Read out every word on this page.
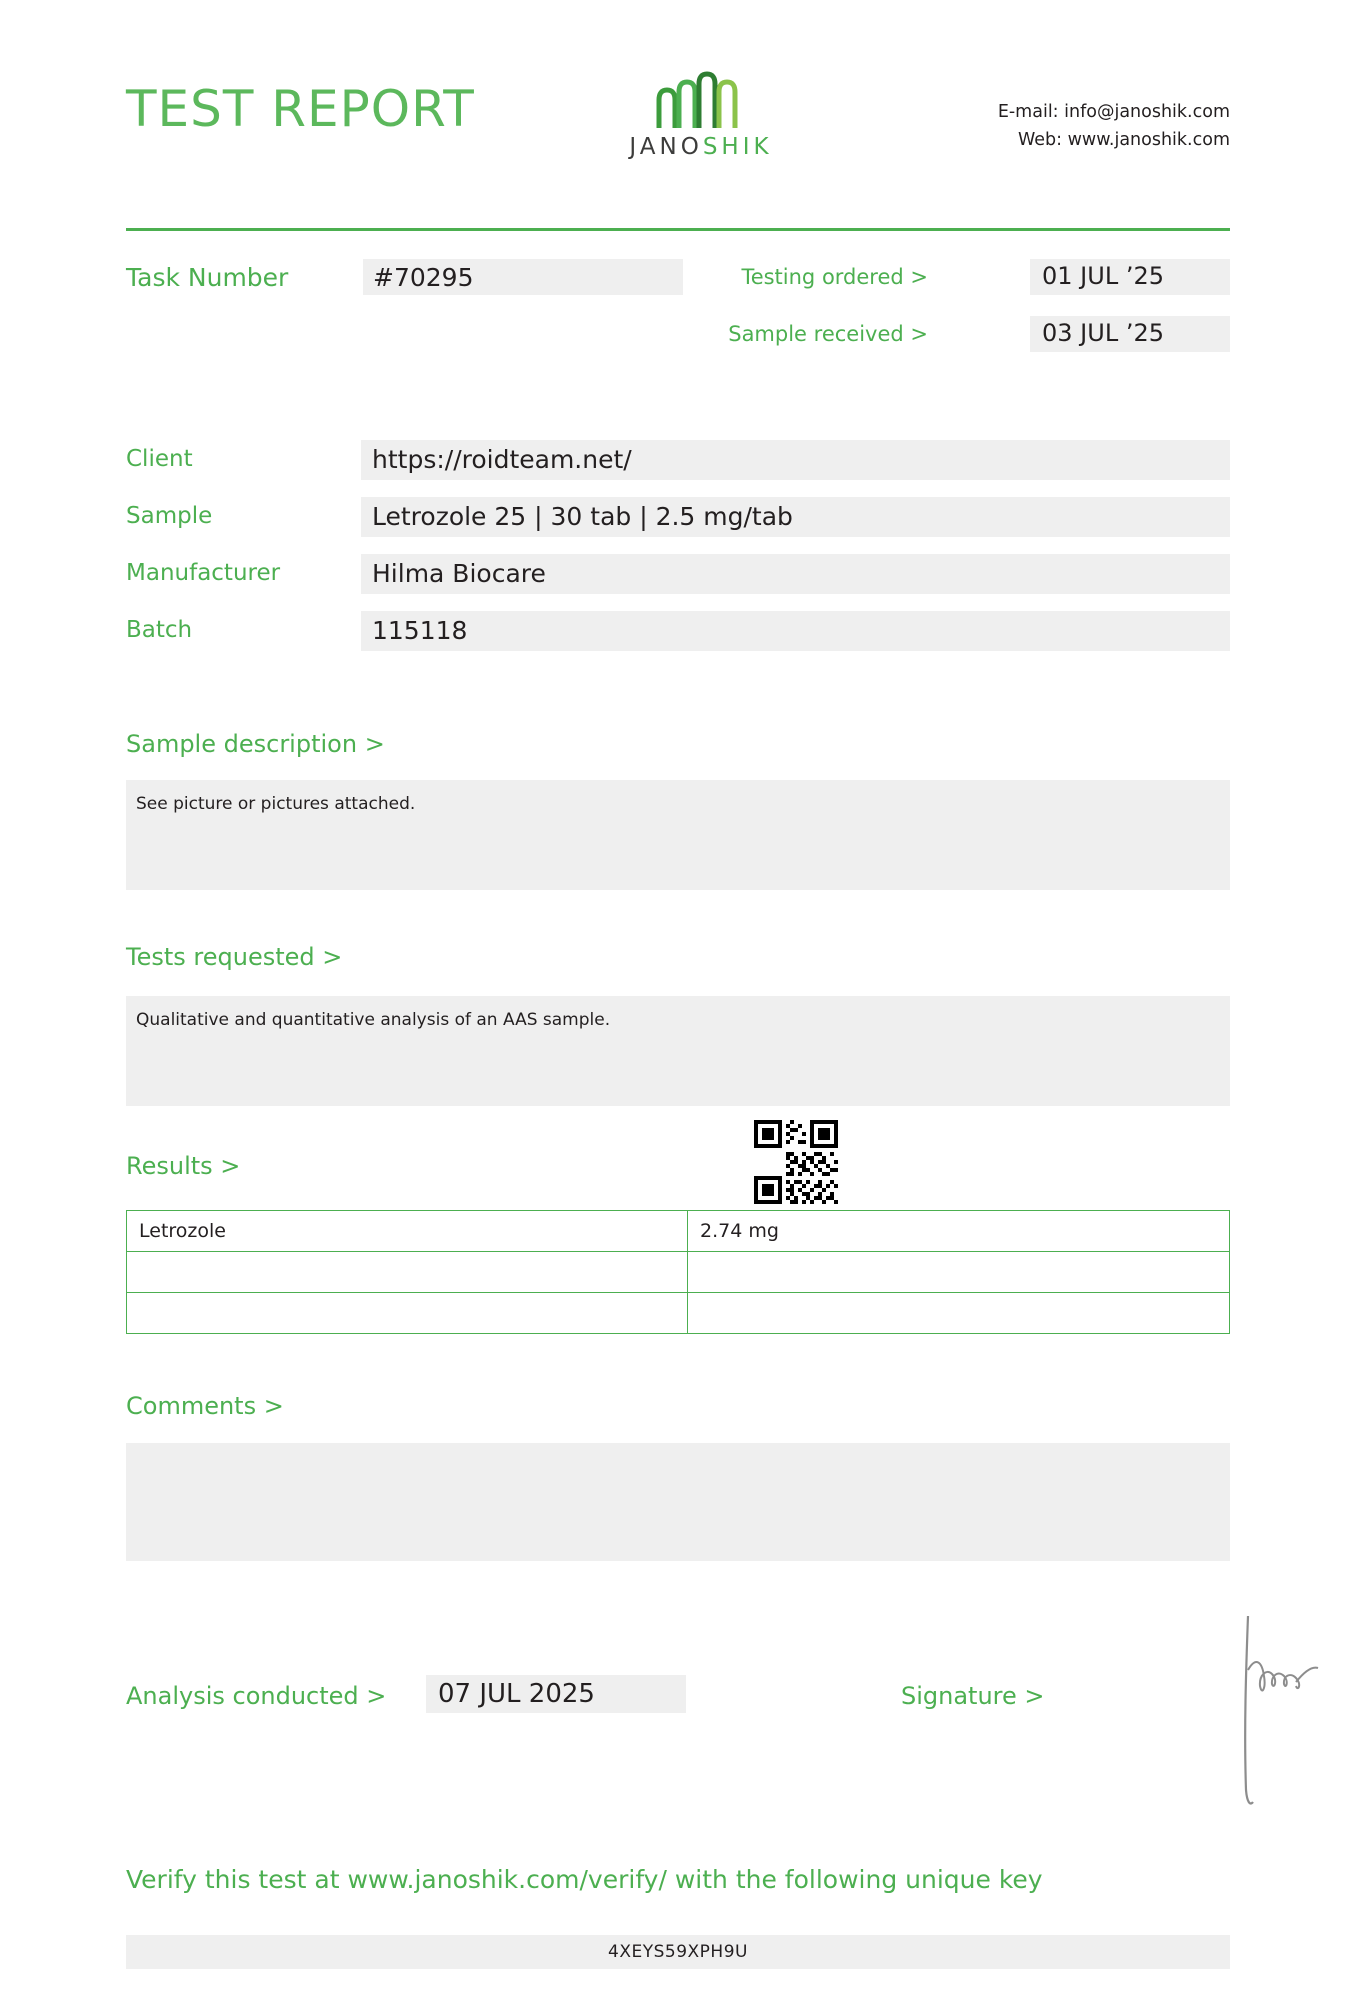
TEST REPORT
JANOSHIK
E-mail: info@janoshik.com
Web: www.janoshik.com
Task Number	#70295	Testing ordered >	01 JUL ’25
Sample received >	03 JUL ’25
Client	https://roidteam.net/
Sample	Letrozole 25 | 30 tab | 2.5 mg/tab
Manufacturer	Hilma Biocare
Batch	115118
Sample description >
See picture or pictures attached.
Tests requested >
Qualitative and quantitative analysis of an AAS sample.
Results >
Letrozole	2.74 mg

Comments >
Analysis conducted >	07 JUL 2025	Signature >
Verify this test at www.janoshik.com/verify/ with the following unique key
4XEYS59XPH9U
